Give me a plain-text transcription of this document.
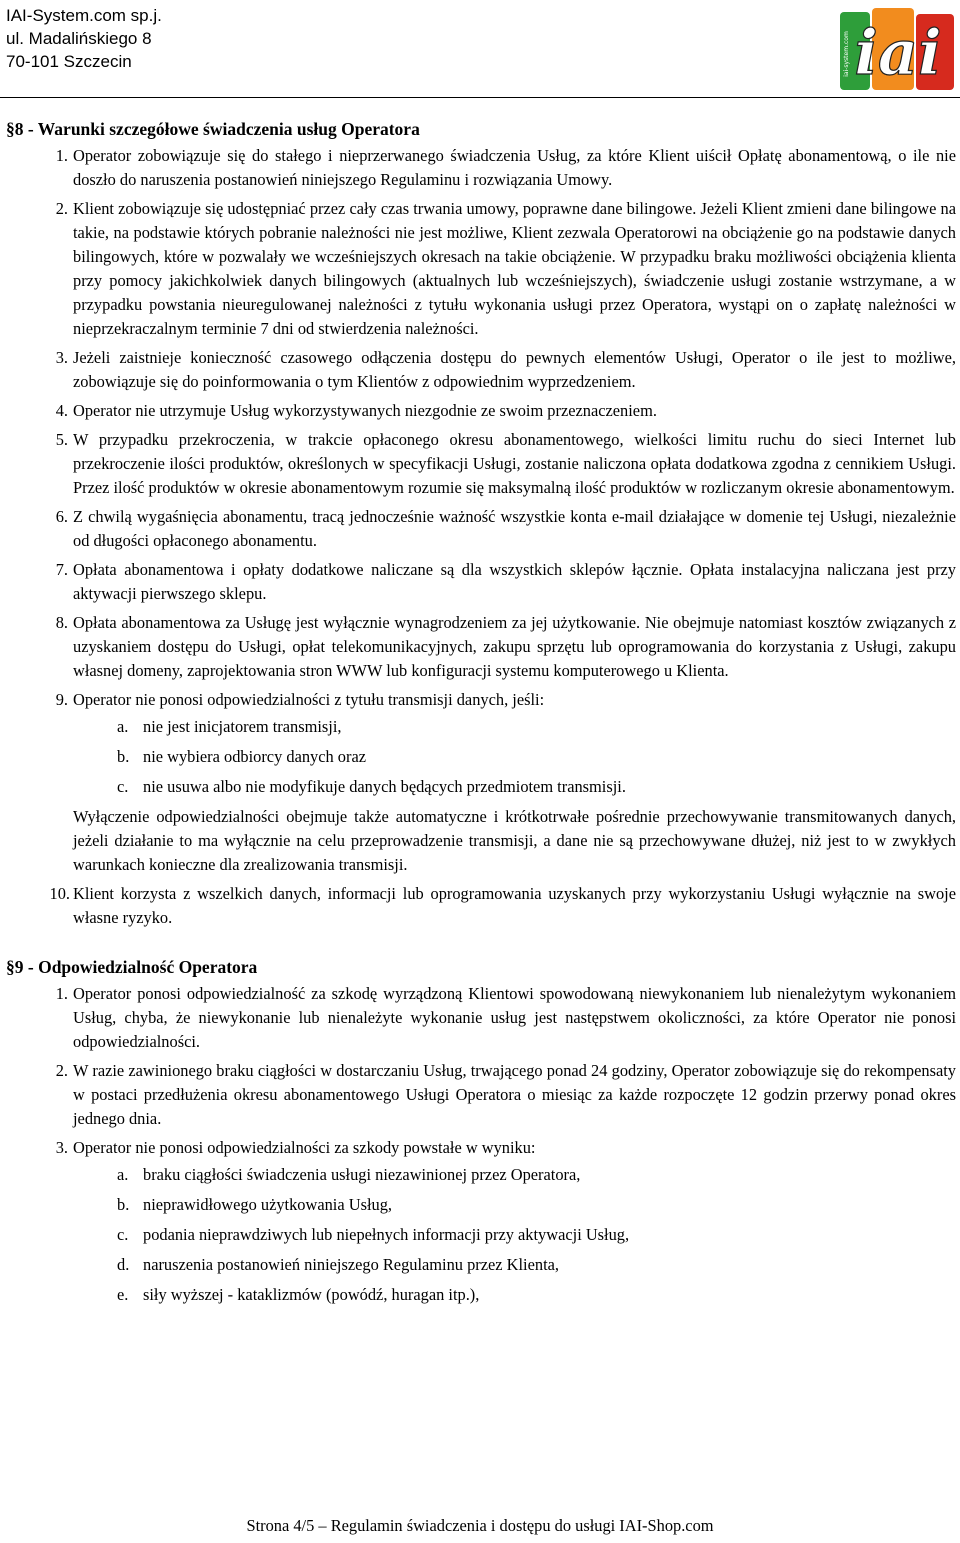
IAI-System.com sp.j.
ul. Madalińskiego 8
70-101 Szczecin	iai
iai-system.com
§8 - Warunki szczegółowe świadczenia usług Operatora
1. Operator zobowiązuje się do stałego i nieprzerwanego świadczenia Usług, za które Klient uiścił Opłatę abonamentową, o ile nie doszło do naruszenia postanowień niniejszego Regulaminu i rozwiązania Umowy.
2. Klient zobowiązuje się udostępniać przez cały czas trwania umowy, poprawne dane bilingowe. Jeżeli Klient zmieni dane bilingowe na takie, na podstawie których pobranie należności nie jest możliwe, Klient zezwala Operatorowi na obciążenie go na podstawie danych bilingowych, które w pozwalały we wcześniejszych okresach na takie obciążenie. W przypadku braku możliwości obciążenia klienta przy pomocy jakichkolwiek danych bilingowych (aktualnych lub wcześniejszych), świadczenie usługi zostanie wstrzymane, a w przypadku powstania nieuregulowanej należności z tytułu wykonania usługi przez Operatora, wystąpi on o zapłatę należności w nieprzekraczalnym terminie 7 dni od stwierdzenia należności.
3. Jeżeli zaistnieje konieczność czasowego odłączenia dostępu do pewnych elementów Usługi, Operator o ile jest to możliwe, zobowiązuje się do poinformowania o tym Klientów z odpowiednim wyprzedzeniem.
4. Operator nie utrzymuje Usług wykorzystywanych niezgodnie ze swoim przeznaczeniem.
5. W przypadku przekroczenia, w trakcie opłaconego okresu abonamentowego, wielkości limitu ruchu do sieci Internet lub przekroczenie ilości produktów, określonych w specyfikacji Usługi, zostanie naliczona opłata dodatkowa zgodna z cennikiem Usługi. Przez ilość produktów w okresie abonamentowym rozumie się maksymalną ilość produktów w rozliczanym okresie abonamentowym.
6. Z chwilą wygaśnięcia abonamentu, tracą jednocześnie ważność wszystkie konta e-mail działające w domenie tej Usługi, niezależnie od długości opłaconego abonamentu.
7. Opłata abonamentowa i opłaty dodatkowe naliczane są dla wszystkich sklepów łącznie. Opłata instalacyjna naliczana jest przy aktywacji pierwszego sklepu.
8. Opłata abonamentowa za Usługę jest wyłącznie wynagrodzeniem za jej użytkowanie. Nie obejmuje natomiast kosztów związanych z uzyskaniem dostępu do Usługi, opłat telekomunikacyjnych, zakupu sprzętu lub oprogramowania do korzystania z Usługi, zakupu własnej domeny, zaprojektowania stron WWW lub konfiguracji systemu komputerowego u Klienta.
9. Operator nie ponosi odpowiedzialności z tytułu transmisji danych, jeśli:
a. nie jest inicjatorem transmisji,
b. nie wybiera odbiorcy danych oraz
c. nie usuwa albo nie modyfikuje danych będących przedmiotem transmisji.
Wyłączenie odpowiedzialności obejmuje także automatyczne i krótkotrwałe pośrednie przechowywanie transmitowanych danych, jeżeli działanie to ma wyłącznie na celu przeprowadzenie transmisji, a dane nie są przechowywane dłużej, niż jest to w zwykłych warunkach konieczne dla zrealizowania transmisji.
10. Klient korzysta z wszelkich danych, informacji lub oprogramowania uzyskanych przy wykorzystaniu Usługi wyłącznie na swoje własne ryzyko.
§9 - Odpowiedzialność Operatora
1. Operator ponosi odpowiedzialność za szkodę wyrządzoną Klientowi spowodowaną niewykonaniem lub nienależytym wykonaniem Usług, chyba, że niewykonanie lub nienależyte wykonanie usług jest następstwem okoliczności, za które Operator nie ponosi odpowiedzialności.
2. W razie zawinionego braku ciągłości w dostarczaniu Usług, trwającego ponad 24 godziny, Operator zobowiązuje się do rekompensaty w postaci przedłużenia okresu abonamentowego Usługi Operatora o miesiąc za każde rozpoczęte 12 godzin przerwy ponad okres jednego dnia.
3. Operator nie ponosi odpowiedzialności za szkody powstałe w wyniku:
a. braku ciągłości świadczenia usługi niezawinionej przez Operatora,
b. nieprawidłowego użytkowania Usług,
c. podania nieprawdziwych lub niepełnych informacji przy aktywacji Usług,
d. naruszenia postanowień niniejszego Regulaminu przez Klienta,
e. siły wyższej - kataklizmów (powódź, huragan itp.),
Strona 4/5 – Regulamin świadczenia i dostępu do usługi IAI-Shop.com
